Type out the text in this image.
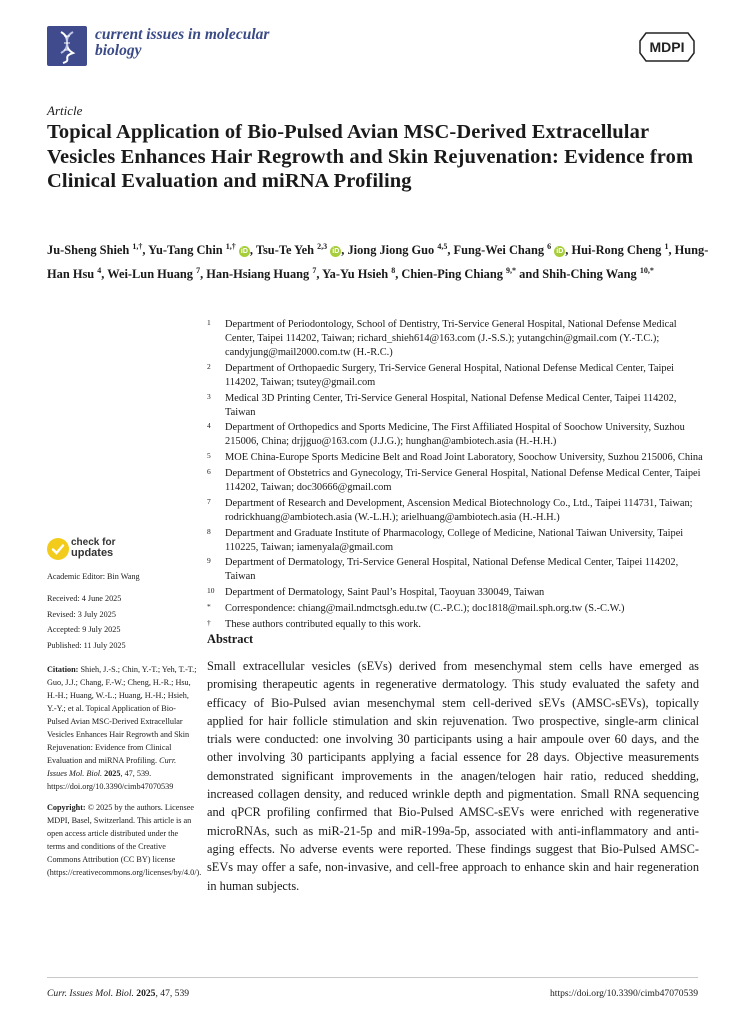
current issues in molecular biology	MDPI
Article
Topical Application of Bio-Pulsed Avian MSC-Derived Extracellular Vesicles Enhances Hair Regrowth and Skin Rejuvenation: Evidence from Clinical Evaluation and miRNA Profiling
Ju-Sheng Shieh $^{1,\dagger}$, Yu-Tang Chin $^{1,\dagger}$ iD , Tsu-Te Yeh $^{2,3}$ iD , Jiong Jiong Guo $^{4,5}$, Fung-Wei Chang $^6$ iD , Hui-Rong Cheng $^1$, Hung-Han Hsu $^4$, Wei-Lun Huang $^7$, Han-Hsiang Huang $^7$, Ya-Yu Hsieh $^8$, Chien-Ping Chiang $^{9,*}$ and Shih-Ching Wang $^{10,*}$
1 Department of Periodontology, School of Dentistry, Tri-Service General Hospital, National Defense Medical Center, Taipei 114202, Taiwan; richard_shieh614@163.com (J.-S.S.); yutangchin@gmail.com (Y.-T.C.); candyjung@mail2000.com.tw (H.-R.C.)
2 Department of Orthopaedic Surgery, Tri-Service General Hospital, National Defense Medical Center, Taipei 114202, Taiwan; tsutey@gmail.com
3 Medical 3D Printing Center, Tri-Service General Hospital, National Defense Medical Center, Taipei 114202, Taiwan
4 Department of Orthopedics and Sports Medicine, The First Affiliated Hospital of Soochow University, Suzhou 215006, China; drjjguo@163.com (J.J.G.); hunghan@ambiotech.asia (H.-H.H.)
5 MOE China-Europe Sports Medicine Belt and Road Joint Laboratory, Soochow University, Suzhou 215006, China
6 Department of Obstetrics and Gynecology, Tri-Service General Hospital, National Defense Medical Center, Taipei 114202, Taiwan; doc30666@gmail.com
7 Department of Research and Development, Ascension Medical Biotechnology Co., Ltd., Taipei 114731, Taiwan; rodrickhuang@ambiotech.asia (W.-L.H.); arielhuang@ambiotech.asia (H.-H.H.)
8 Department and Graduate Institute of Pharmacology, College of Medicine, National Taiwan University, Taipei 110225, Taiwan; iamenyala@gmail.com
9 Department of Dermatology, Tri-Service General Hospital, National Defense Medical Center, Taipei 114202, Taiwan
10 Department of Dermatology, Saint Paul’s Hospital, Taoyuan 330049, Taiwan
* Correspondence: chiang@mail.ndmctsgh.edu.tw (C.-P.C.); doc1818@mail.sph.org.tw (S.-C.W.)
† These authors contributed equally to this work.
check for
updates
Academic Editor: Bin Wang
Received: 4 June 2025
Revised: 3 July 2025
Accepted: 9 July 2025
Published: 11 July 2025
Citation: Shieh, J.-S.; Chin, Y.-T.; Yeh, T.-T.; Guo, J.J.; Chang, F.-W.; Cheng, H.-R.; Hsu, H.-H.; Huang, W.-L.; Huang, H.-H.; Hsieh, Y.-Y.; et al. Topical Application of Bio-Pulsed Avian MSC-Derived Extracellular Vesicles Enhances Hair Regrowth and Skin Rejuvenation: Evidence from Clinical Evaluation and miRNA Profiling. Curr. Issues Mol. Biol. 2025, 47, 539. https://doi.org/10.3390/cimb47070539
Copyright: © 2025 by the authors. Licensee MDPI, Basel, Switzerland. This article is an open access article distributed under the terms and conditions of the Creative Commons Attribution (CC BY) license (https://creativecommons.org/licenses/by/4.0/).
Abstract
Small extracellular vesicles (sEVs) derived from mesenchymal stem cells have emerged as promising therapeutic agents in regenerative dermatology. This study evaluated the safety and efficacy of Bio-Pulsed avian mesenchymal stem cell-derived sEVs (AMSC-sEVs), topically applied for hair follicle stimulation and skin rejuvenation. Two prospective, single-arm clinical trials were conducted: one involving 30 participants using a hair ampoule over 60 days, and the other involving 30 participants applying a facial essence for 28 days. Objective measurements demonstrated significant improvements in the anagen/telogen hair ratio, reduced shedding, increased collagen density, and reduced wrinkle depth and pigmentation. Small RNA sequencing and qPCR profiling confirmed that Bio-Pulsed AMSC-sEVs were enriched with regenerative microRNAs, such as miR-21-5p and miR-199a-5p, associated with anti-inflammatory and anti-aging effects. No adverse events were reported. These findings suggest that Bio-Pulsed AMSC-sEVs may offer a safe, non-invasive, and cell-free approach to enhance skin and hair regeneration in human subjects.
Curr. Issues Mol. Biol. 2025, 47, 539	https://doi.org/10.3390/cimb47070539
